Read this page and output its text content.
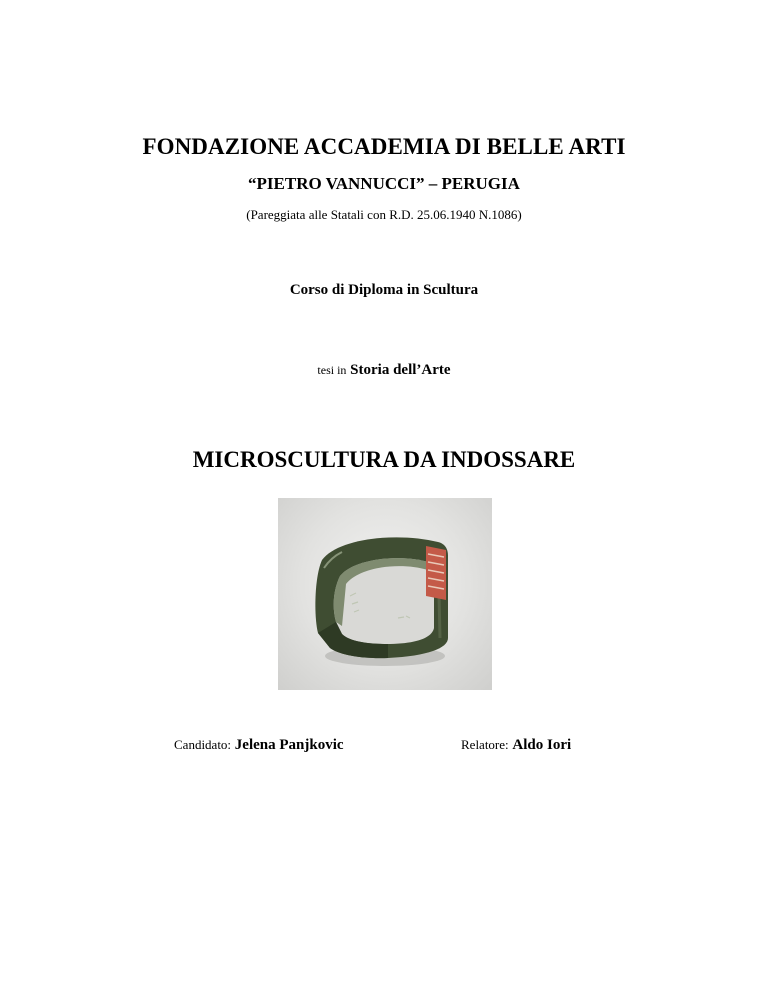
FONDAZIONE ACCADEMIA DI BELLE ARTI
“PIETRO VANNUCCI” – PERUGIA
(Pareggiata alle Statali con R.D. 25.06.1940 N.1086)
Corso di Diploma in Scultura
tesi in Storia dell’Arte
MICROSCULTURA DA INDOSSARE
Candidato: Jelena Panjkovic	Relatore: Aldo Iori
